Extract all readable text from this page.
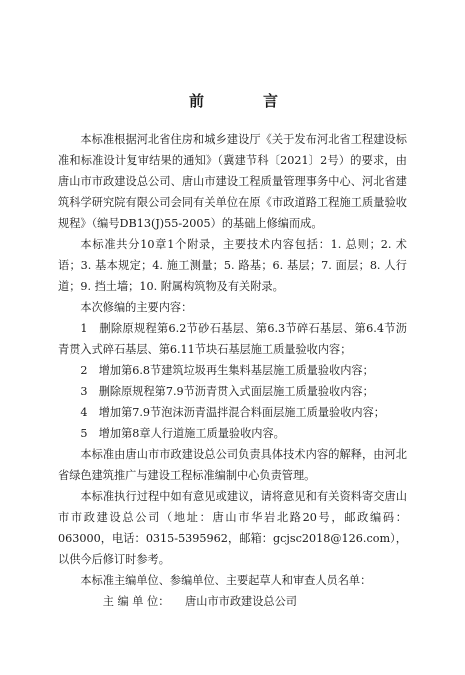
前　言

本标准根据河北省住房和城乡建设厅《关于发布河北省工程建设标准和标准设计复审结果的通知》（冀建节科〔2021〕2号）的要求，由唐山市市政建设总公司、唐山市建设工程质量管理事务中心、河北省建筑科学研究院有限公司会同有关单位在原《市政道路工程施工质量验收规程》（编号DB13(J)55-2005）的基础上修编而成。

本标准共分10章1个附录，主要技术内容包括：1. 总则；2. 术语；3. 基本规定；4. 施工测量；5. 路基；6. 基层；7. 面层；8. 人行道；9. 挡土墙；10. 附属构筑物及有关附录。

本次修编的主要内容：

1　删除原规程第6.2节砂石基层、第6.3节碎石基层、第6.4节沥青贯入式碎石基层、第6.11节块石基层施工质量验收内容；

2　增加第6.8节建筑垃圾再生集料基层施工质量验收内容；

3　删除原规程第7.9节沥青贯入式面层施工质量验收内容；

4　增加第7.9节泡沫沥青温拌混合料面层施工质量验收内容；

5　增加第8章人行道施工质量验收内容。

本标准由唐山市市政建设总公司负责具体技术内容的解释，由河北省绿色建筑推广与建设工程标准编制中心负责管理。

本标准执行过程中如有意见或建议，请将意见和有关资料寄交唐山市市政建设总公司（地址：唐山市华岩北路20号，邮政编码：063000，电话：0315-5395962，邮箱：gcjsc2018@126.com），以供今后修订时参考。

本标准主编单位、参编单位、主要起草人和审查人员名单：

主 编 单 位： 唐山市市政建设总公司
